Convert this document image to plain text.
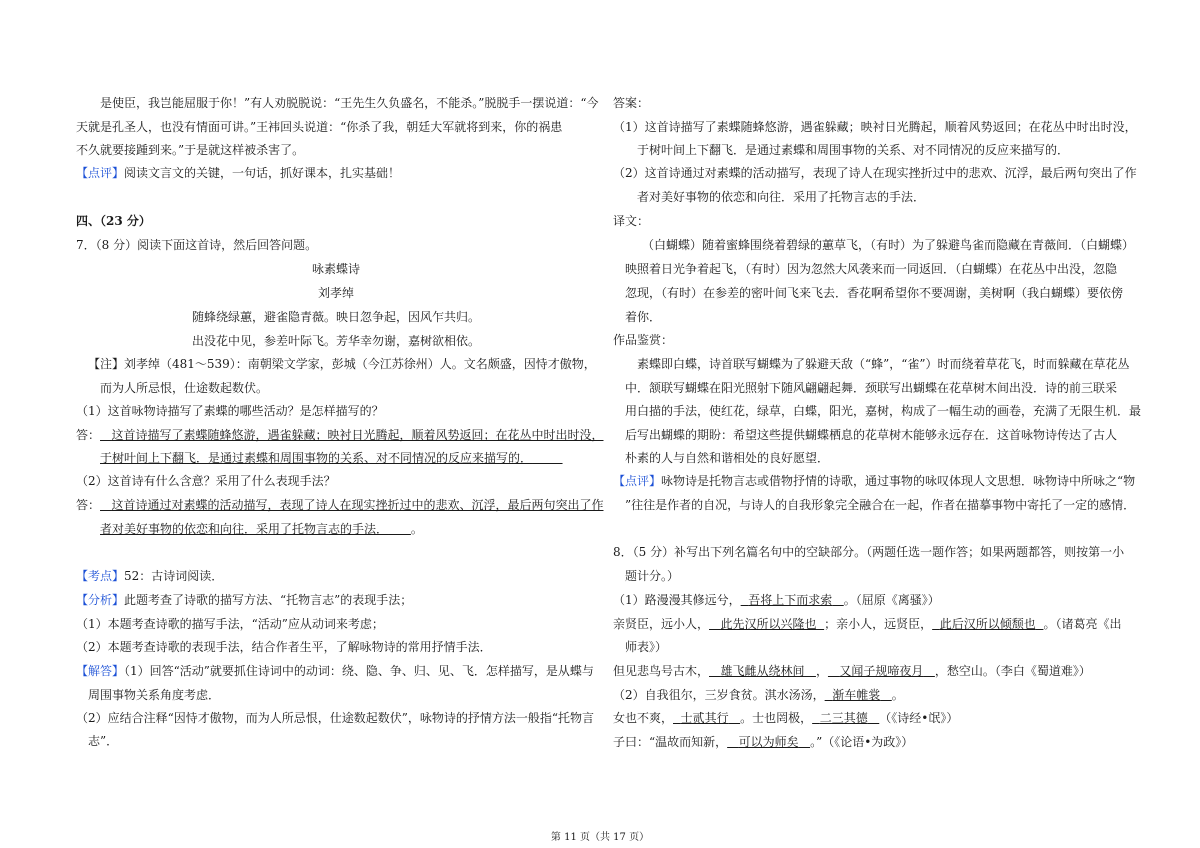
是使臣，我岂能屈服于你！”有人劝脱脱说：“王先生久负盛名，不能杀。”脱脱手一摆说道：“今
天就是孔圣人，也没有情面可讲。”王袆回头说道：“你杀了我，朝廷大军就将到来，你的祸患
不久就要接踵到来。”于是就这样被杀害了。
【点评】阅读文言文的关键，一句话，抓好课本，扎实基础！
四、（23 分）
7．（8 分）阅读下面这首诗，然后回答问题。
咏素蝶诗
刘孝绰
随蜂绕绿蕙，避雀隐青薇。映日忽争起，因风乍共归。
出没花中见，参差叶际飞。芳华幸勿谢，嘉树欲相依。
【注】刘孝绰（481～539）：南朝梁文学家，彭城（今江苏徐州）人。文名颇盛，因恃才傲物，
而为人所忌恨，仕途数起数伏。
（1）这首咏物诗描写了素蝶的哪些活动？是怎样描写的？
答： 这首诗描写了素蝶随蜂悠游，遇雀躲藏；映衬日光腾起，顺着风势返回；在花丛中时出时没，
于树叶间上下翻飞．是通过素蝶和周围事物的关系、对不同情况的反应来描写的．
（2）这首诗有什么含意？采用了什么表现手法？
答： 这首诗通过对素蝶的活动描写，表现了诗人在现实挫折过中的悲欢、沉浮，最后两句突出了作
者对美好事物的依恋和向往．采用了托物言志的手法． 。
【考点】52：古诗词阅读．
【分析】此题考查了诗歌的描写方法、“托物言志”的表现手法；
（1）本题考查诗歌的描写手法，“活动”应从动词来考虑；
（2）本题考查诗歌的表现手法，结合作者生平，了解咏物诗的常用抒情手法．
【解答】（1）回答“活动”就要抓住诗词中的动词：绕、隐、争、归、见、飞．怎样描写，是从蝶与
周围事物关系角度考虑．
（2）应结合注释“因恃才傲物，而为人所忌恨，仕途数起数伏”，咏物诗的抒情方法一般指“托物言
志”．
答案：
（1）这首诗描写了素蝶随蜂悠游，遇雀躲藏；映衬日光腾起，顺着风势返回；在花丛中时出时没，
于树叶间上下翻飞．是通过素蝶和周围事物的关系、对不同情况的反应来描写的．
（2）这首诗通过对素蝶的活动描写，表现了诗人在现实挫折过中的悲欢、沉浮，最后两句突出了作
者对美好事物的依恋和向往．采用了托物言志的手法．
译文：
（白蝴蝶）随着蜜蜂围绕着碧绿的蕙草飞，（有时）为了躲避鸟雀而隐藏在青薇间．（白蝴蝶）
映照着日光争着起飞，（有时）因为忽然大风袭来而一同返回．（白蝴蝶）在花丛中出没，忽隐
忽现，（有时）在参差的密叶间飞来飞去．香花啊希望你不要凋谢，美树啊（我白蝴蝶）要依傍
着你．
作品鉴赏：
素蝶即白蝶，诗首联写蝴蝶为了躲避天敌（“蜂”，“雀”）时而绕着草花飞，时而躲藏在草花丛
中．颔联写蝴蝶在阳光照射下随风翩翩起舞．颈联写出蝴蝶在花草树木间出没．诗的前三联采
用白描的手法，使红花，绿草，白蝶，阳光，嘉树，构成了一幅生动的画卷，充满了无限生机．最
后写出蝴蝶的期盼：希望这些提供蝴蝶栖息的花草树木能够永远存在．这首咏物诗传达了古人
朴素的人与自然和谐相处的良好愿望．
【点评】咏物诗是托物言志或借物抒情的诗歌，通过事物的咏叹体现人文思想．咏物诗中所咏之“物
”往往是作者的自况，与诗人的自我形象完全融合在一起，作者在描摹事物中寄托了一定的感情．
8．（5 分）补写出下列名篇名句中的空缺部分。（两题任选一题作答；如果两题都答，则按第一小
题计分。）
（1）路漫漫其修远兮， 吾将上下而求索 。（屈原《离骚》）
亲贤臣，远小人， 此先汉所以兴隆也 ；亲小人，远贤臣， 此后汉所以倾颓也 。（诸葛亮《出
师表》）
但见悲鸟号古木， 雄飞雌从绕林间 ， 又闻子规啼夜月 ，愁空山。（李白《蜀道难》）
（2）自我徂尔，三岁食贫。淇水汤汤， 渐车帷裳 。
女也不爽， 士贰其行 。士也罔极， 二三其德 （《诗经•氓》）
子曰：“温故而知新， 可以为师矣 。”（《论语•为政》）
第 11 页（共 17 页）
